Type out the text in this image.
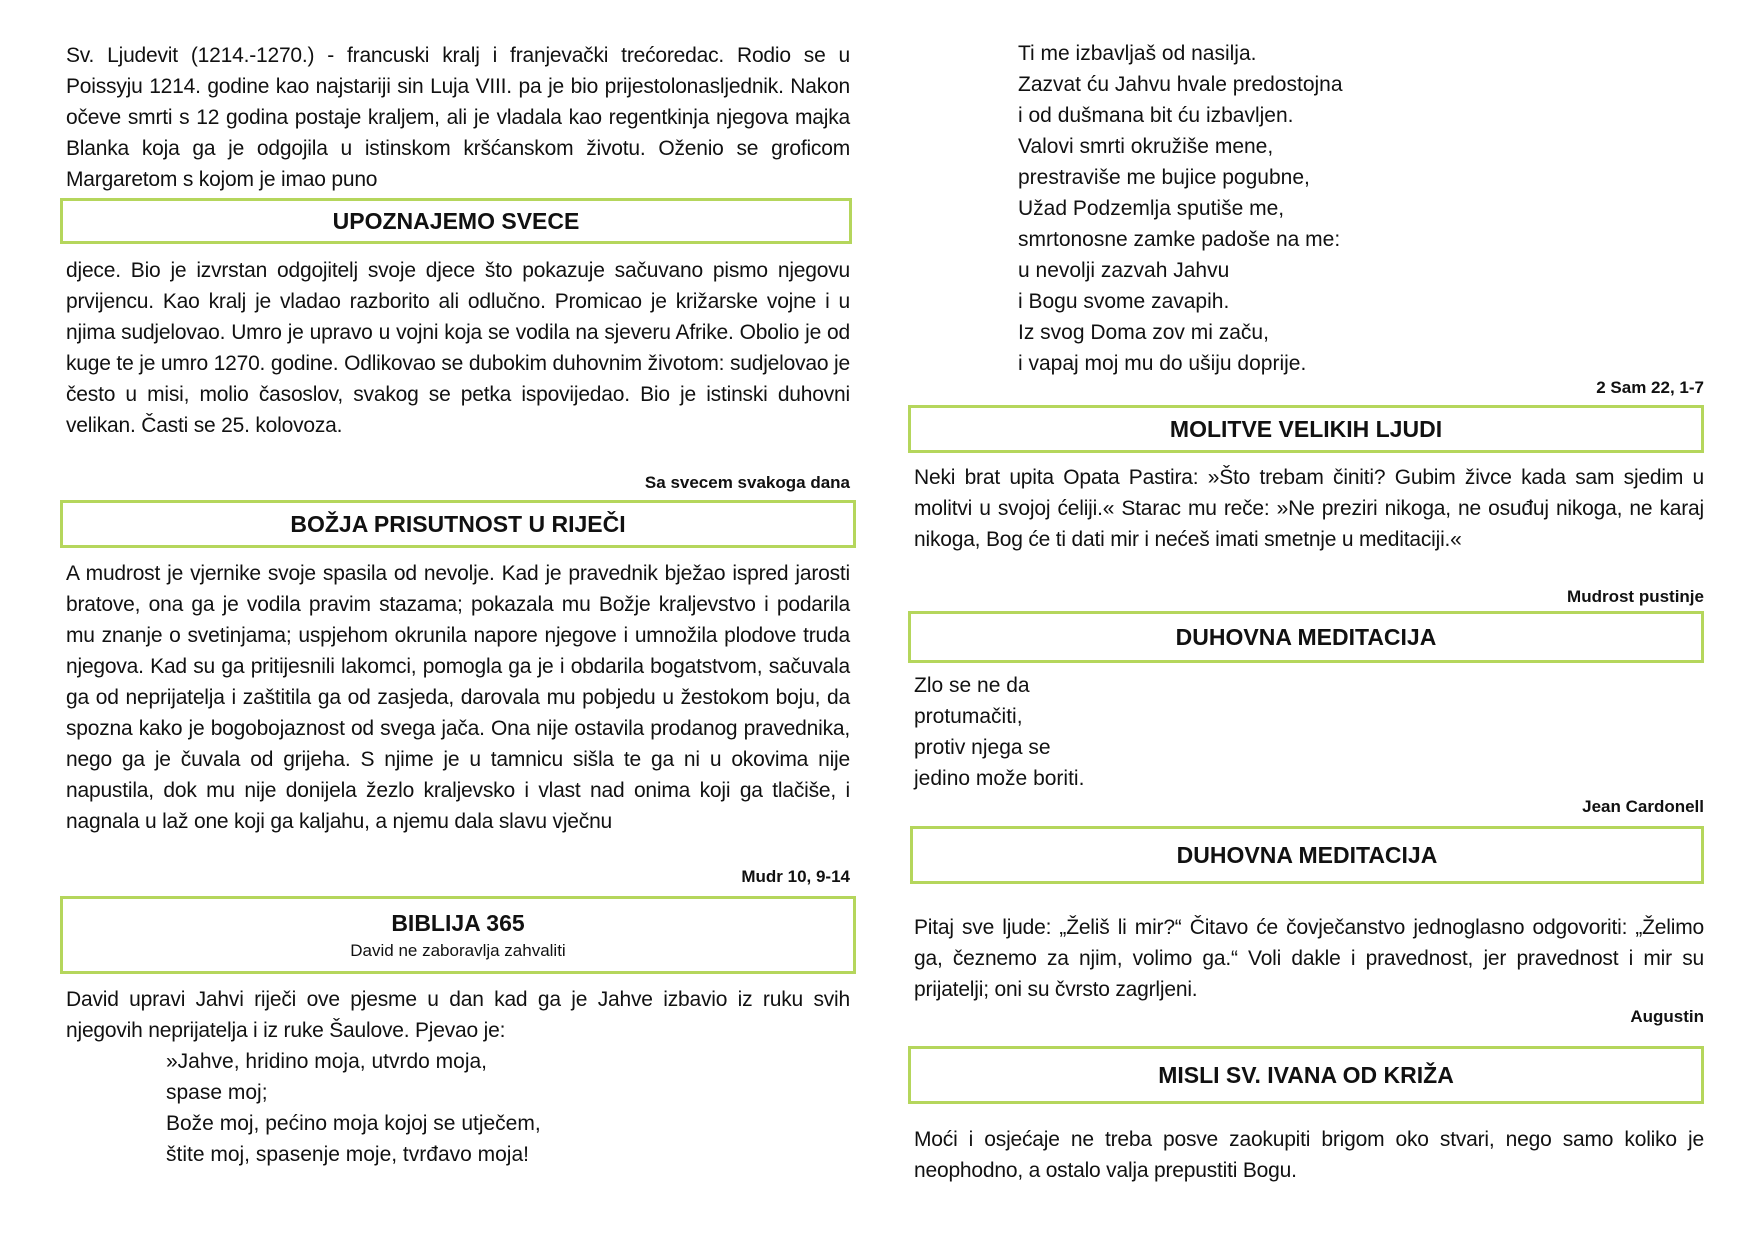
Sv. Ljudevit (1214.-1270.) - francuski kralj i franjevački trećoredac. Rodio se u Poissyju 1214. godine kao najstariji sin Luja VIII. pa je bio prijestolonasljednik. Nakon očeve smrti s 12 godina postaje kraljem, ali je vladala kao regentkinja njegova majka Blanka koja ga je odgojila u istinskom kršćanskom životu. Oženio se groficom Margaretom s kojom je imao puno

UPOZNAJEMO SVECE

djece. Bio je izvrstan odgojitelj svoje djece što pokazuje sačuvano pismo njegovu prvijencu. Kao kralj je vladao razborito ali odlučno. Promicao je križarske vojne i u njima sudjelovao. Umro je upravo u vojni koja se vodila na sjeveru Afrike. Obolio je od kuge te je umro 1270. godine. Odlikovao se dubokim duhovnim životom: sudjelovao je često u misi, molio časoslov, svakog se petka ispovijedao. Bio je istinski duhovni velikan. Časti se 25. kolovoza.

Sa svecem svakoga dana
BOŽJA PRISUTNOST U RIJEČI

A mudrost je vjernike svoje spasila od nevolje. Kad je pravednik bježao ispred jarosti bratove, ona ga je vodila pravim stazama; pokazala mu Božje kraljevstvo i podarila mu znanje o svetinjama; uspjehom okrunila napore njegove i umnožila plodove truda njegova. Kad su ga pritijesnili lakomci, pomogla ga je i obdarila bogatstvom, sačuvala ga od neprijatelja i zaštitila ga od zasjeda, darovala mu pobjedu u žestokom boju, da spozna kako je bogobojaznost od svega jača. Ona nije ostavila prodanog pravednika, nego ga je čuvala od grijeha. S njime je u tamnicu sišla te ga ni u okovima nije napustila, dok mu nije donijela žezlo kraljevsko i vlast nad onima koji ga tlačiše, i nagnala u laž one koji ga kaljahu, a njemu dala slavu vječnu

Mudr 10, 9-14
BIBLIJA 365
David ne zaboravlja zahvaliti

David upravi Jahvi riječi ove pjesme u dan kad ga je Jahve izbavio iz ruku svih njegovih neprijatelja i iz ruke Šaulove. Pjevao je:

»Jahve, hridino moja, utvrdo moja,
spase moj;
Bože moj, pećino moja kojoj se utječem,
štite moj, spasenje moje, tvrđavo moja!
Ti me izbavljaš od nasilja.
Zazvat ću Jahvu hvale predostojna
i od dušmana bit ću izbavljen.
Valovi smrti okružiše mene,
prestraviše me bujice pogubne,
Užad Podzemlja sputiše me,
smrtonosne zamke padoše na me:
u nevolji zazvah Jahvu
i Bogu svome zavapih.
Iz svog Doma zov mi začu,
i vapaj moj mu do ušiju doprije.
2 Sam 22, 1-7
MOLITVE VELIKIH LJUDI

Neki brat upita Opata Pastira: »Što trebam činiti? Gubim živce kada sam sjedim u molitvi u svojoj ćeliji.« Starac mu reče: »Ne preziri nikoga, ne osuđuj nikoga, ne karaj nikoga, Bog će ti dati mir i nećeš imati smetnje u meditaciji.«

Mudrost pustinje
DUHOVNA MEDITACIJA
Zlo se ne da
protumačiti,
protiv njega se
jedino može boriti.
Jean Cardonell
DUHOVNA MEDITACIJA

Pitaj sve ljude: „Želiš li mir?“ Čitavo će čovječanstvo jednoglasno odgovoriti: „Želimo ga, čeznemo za njim, volimo ga.“ Voli dakle i pravednost, jer pravednost i mir su prijatelji; oni su čvrsto zagrljeni.

Augustin
MISLI SV. IVANA OD KRIŽA

Moći i osjećaje ne treba posve zaokupiti brigom oko stvari, nego samo koliko je neophodno, a ostalo valja prepustiti Bogu.
